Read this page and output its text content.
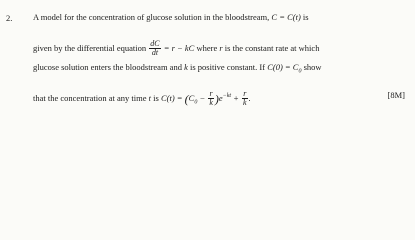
2. A model for the concentration of glucose solution in the bloodstream, C = C(t) is
given by the differential equation $\frac{dC}{dt} = r$ − kC where r is the constant rate at which
glucose solution enters the bloodstream and k is positive constant. If $C(0) = C_0$ show
that the concentration at any time t is $C(t) = (C_0 - \frac{r}{k} )e^{-kt} + \frac{r}{k}$ .	[8M]
